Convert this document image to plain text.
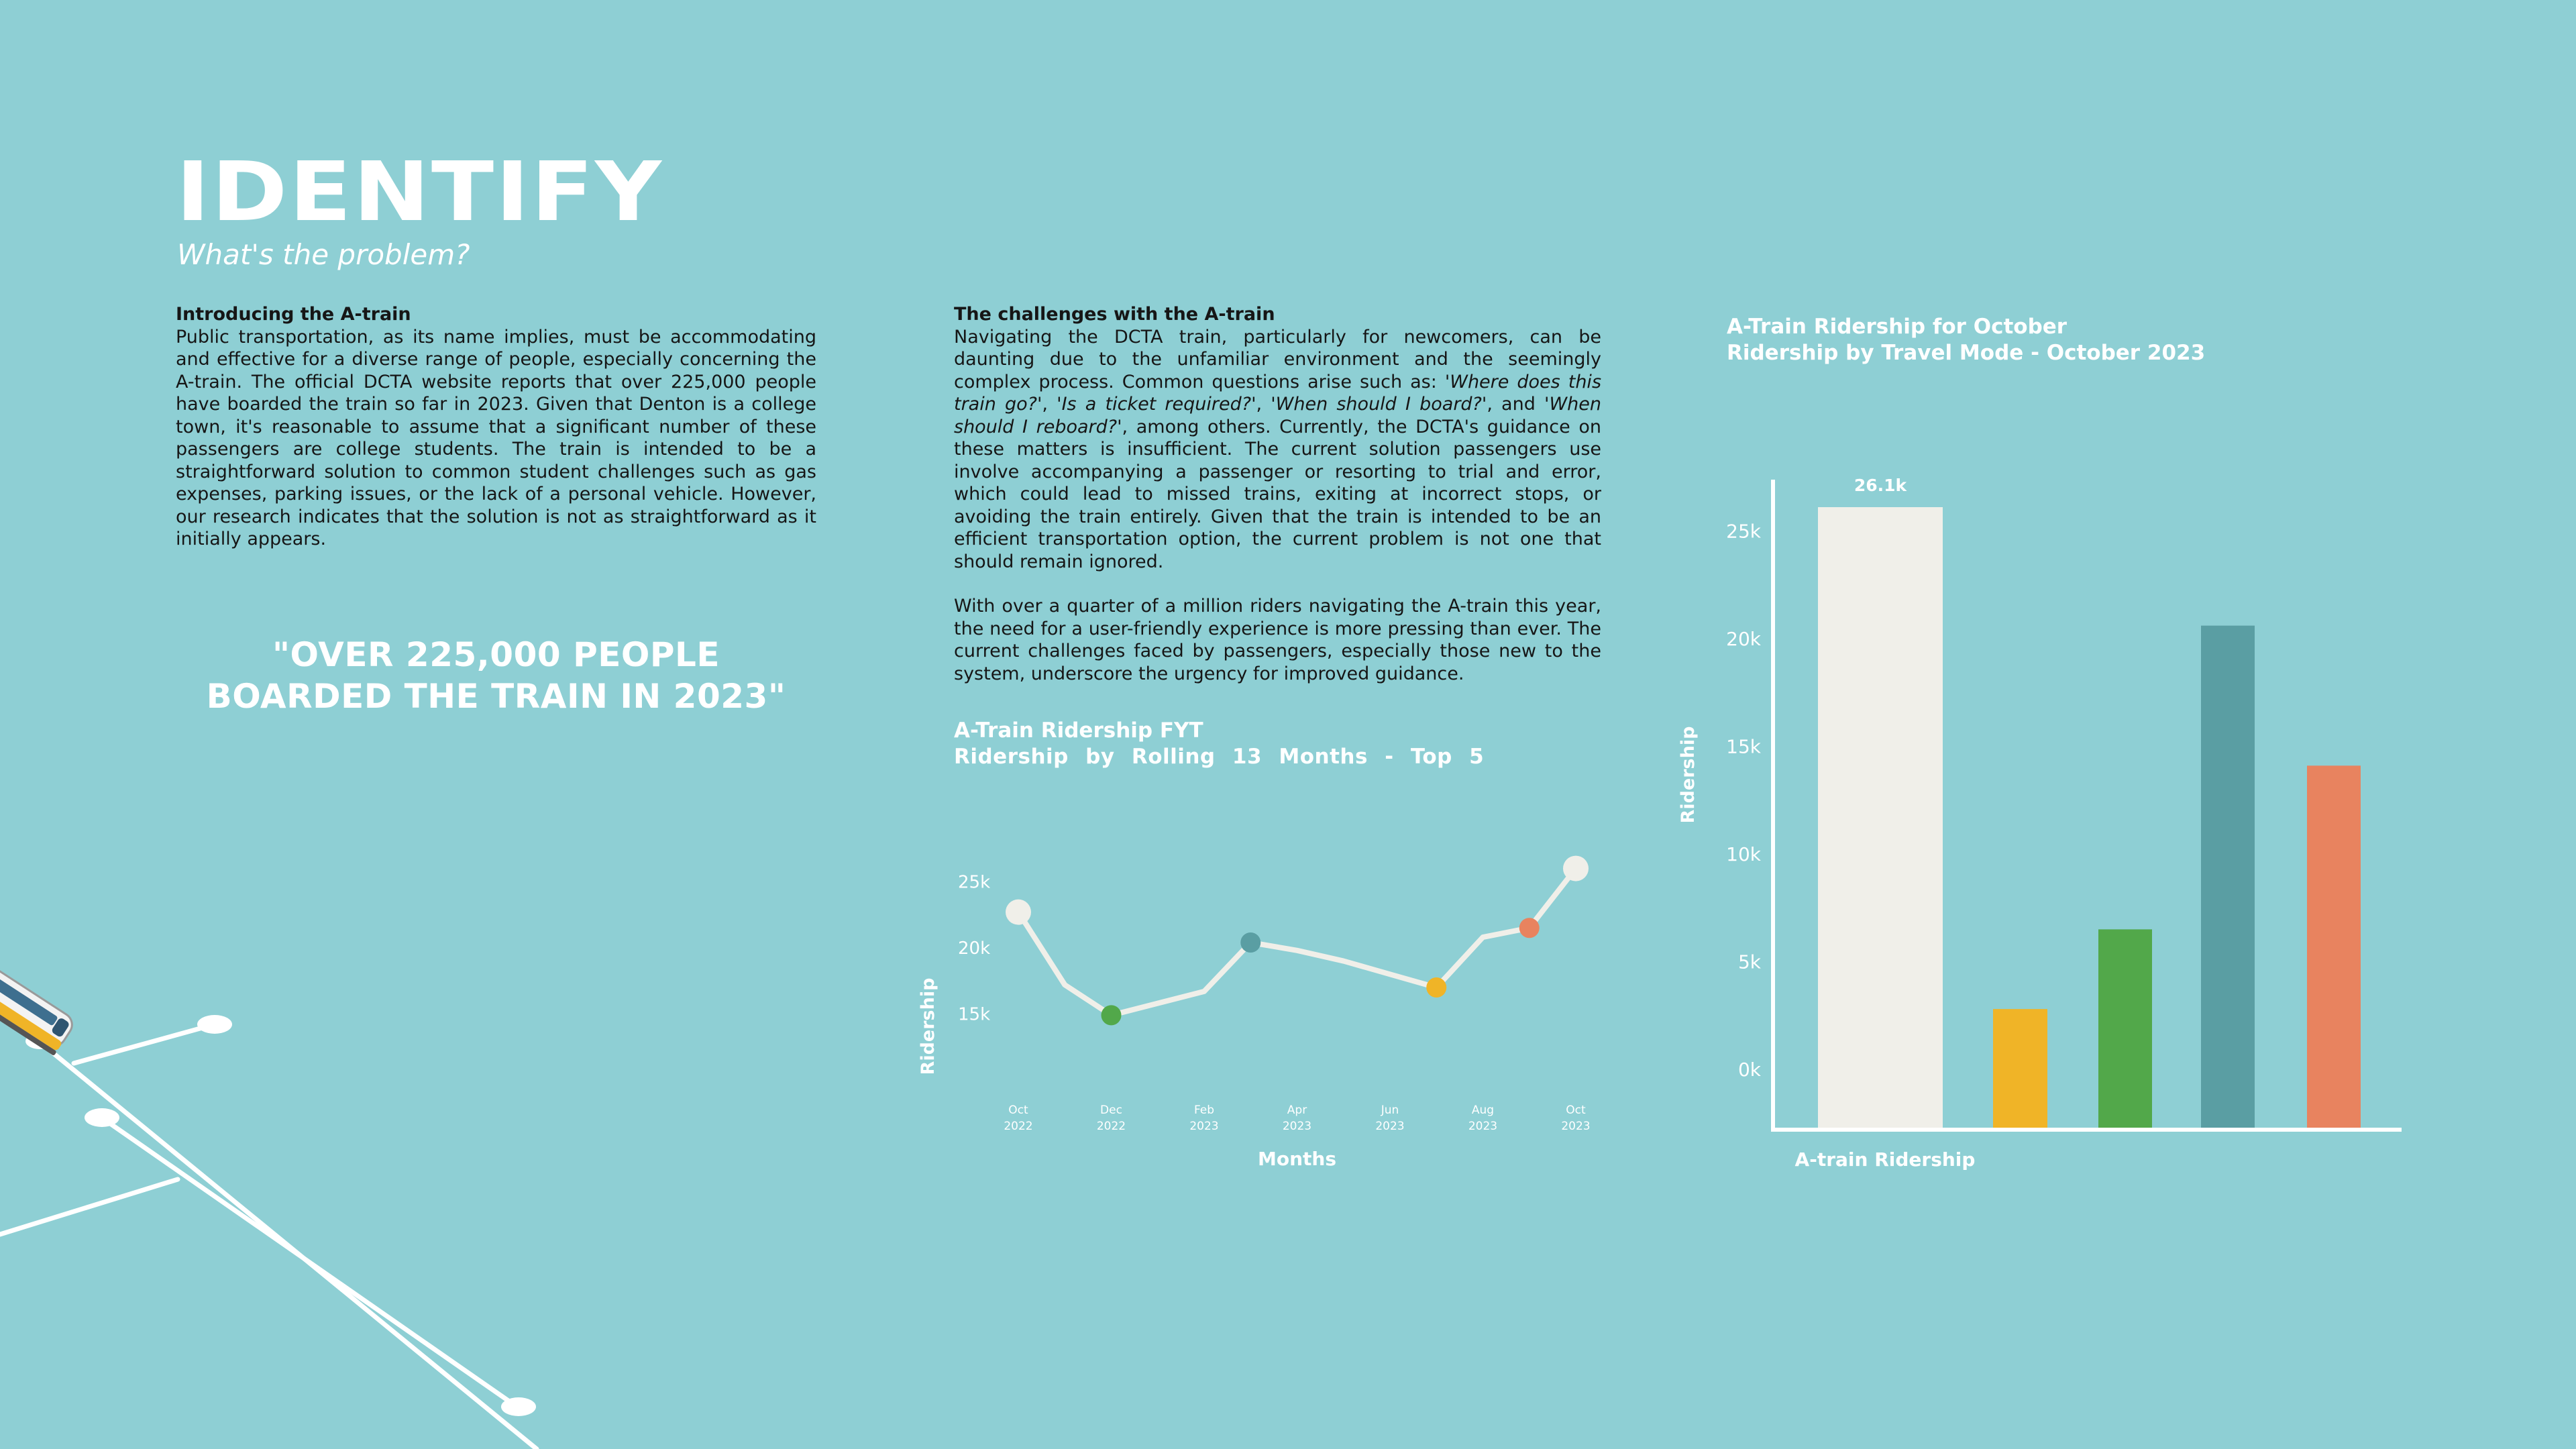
IDENTIFY
What's the problem?
Introducing the A-train

Public transportation, as its name implies, must be accommodating and effective for a diverse range of people, especially concerning the A-train. The official DCTA website reports that over 225,000 people have boarded the train so far in 2023. Given that Denton is a college town, it's reasonable to assume that a significant number of these passengers are college students. The train is intended to be a straightforward solution to common student challenges such as gas expenses, parking issues, or the lack of a personal vehicle. However, our research indicates that the solution is not as straightforward as it initially appears.

"OVER 225,000 PEOPLE
BOARDED THE TRAIN IN 2023"
The challenges with the A-train

Navigating the DCTA train, particularly for newcomers, can be daunting due to the unfamiliar environment and the seemingly complex process. Common questions arise such as: 'Where does this train go?', 'Is a ticket required?', 'When should I board?', and 'When should I reboard?', among others. Currently, the DCTA's guidance on these matters is insufficient. The current solution passengers use involve accompanying a passenger or resorting to trial and error, which could lead to missed trains, exiting at incorrect stops, or avoiding the train entirely. Given that the train is intended to be an efficient transportation option, the current problem is not one that should remain ignored.

With over a quarter of a million riders navigating the A-train this year, the need for a user-friendly experience is more pressing than ever. The current challenges faced by passengers, especially those new to the system, underscore the urgency for improved guidance.

A-Train Ridership FYT
Ridership by Rolling 13 Months - Top 5
15k
20k
25k
Ridership
Months
Oct
2022
Dec
2022
Feb
2023
Apr
2023
Jun
2023
Aug
2023
Oct
2023
A-Train Ridership for October
Ridership by Travel Mode - October 2023
0k
5k
10k
15k
20k
25k
Ridership
A-train Ridership
26.1k
